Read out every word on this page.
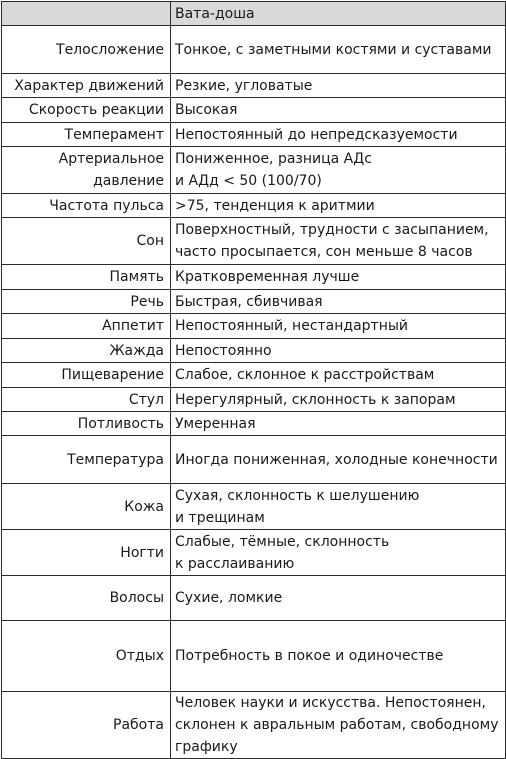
	Вата-доша

Телосложение	Тонкое, с заметными костями и суставами

Характер движений	Резкие, угловатые

Скорость реакции	Высокая

Темперамент	Непостоянный до непредсказуемости

Артериальное
давление	Пониженное, разница АДс
и АДд < 50 (100/70)

Частота пульса	>75, тенденция к аритмии

Сон	Поверхностный, трудности с засыпанием,
часто просыпается, сон меньше 8 часов

Память	Кратковременная лучше

Речь	Быстрая, сбивчивая

Аппетит	Непостоянный, нестандартный

Жажда	Непостоянно

Пищеварение	Слабое, склонное к расстройствам

Стул	Нерегулярный, склонность к запорам

Потливость	Умеренная

Температура	Иногда пониженная, холодные конечности

Кожа	Сухая, склонность к шелушению
и трещинам

Ногти	Слабые, тёмные, склонность
к расслаиванию

Волосы	Сухие, ломкие

Отдых	Потребность в покое и одиночестве

Работа	Человек науки и искусства. Непостоянен,
склонен к авральным работам, свободному
графику
